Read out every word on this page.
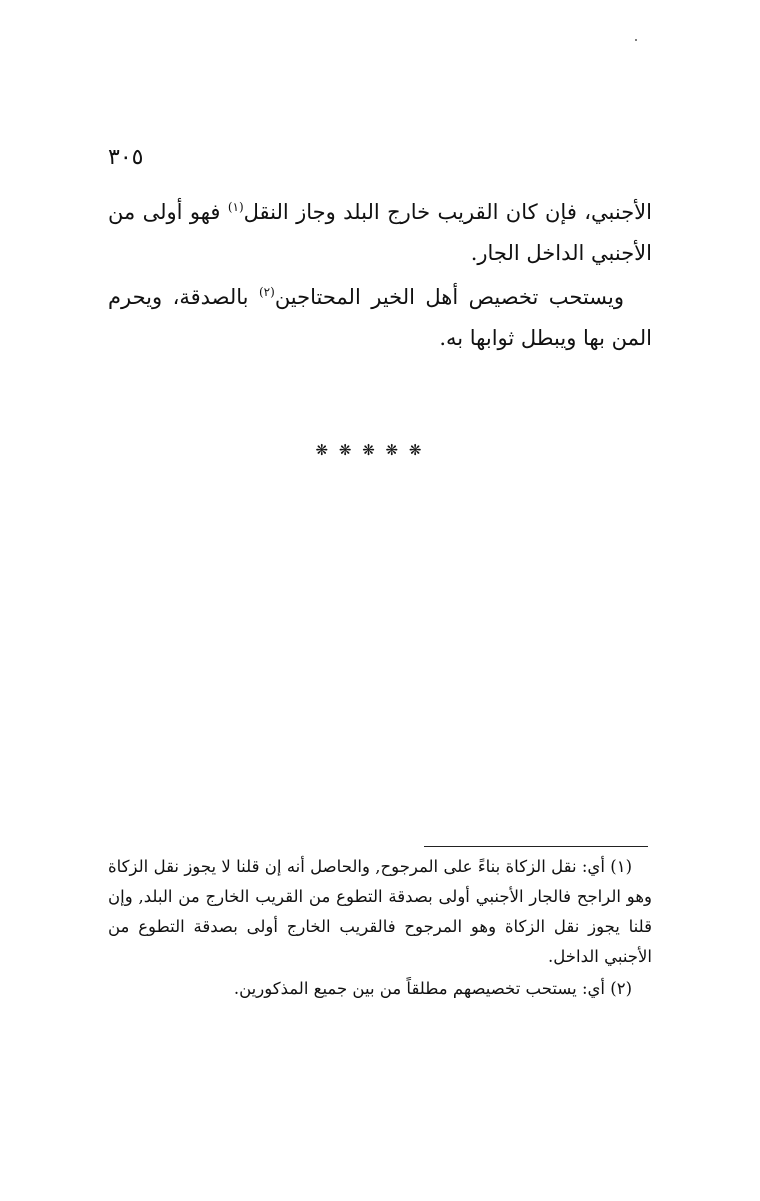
٣٠٥

الأجنبي، فإن كان القريب خارج البلد وجاز النقل$^{(١)}$ فهو أولى من الأجنبي الداخل الجار.

ويستحب تخصيص أهل الخير المحتاجين$^{(٢)}$ بالصدقة، ويحرم المن بها ويبطل ثوابها به.

❋ ❋ ❋ ❋ ❋

(١) أي: نقل الزكاة بناءً على المرجوح, والحاصل أنه إن قلنا لا يجوز نقل الزكاة وهو الراجح فالجار الأجنبي أولى بصدقة التطوع من القريب الخارج من البلد, وإن قلنا يجوز نقل الزكاة وهو المرجوح فالقريب الخارج أولى بصدقة التطوع من الأجنبي الداخل.

(٢) أي: يستحب تخصيصهم مطلقاً من بين جميع المذكورين.
